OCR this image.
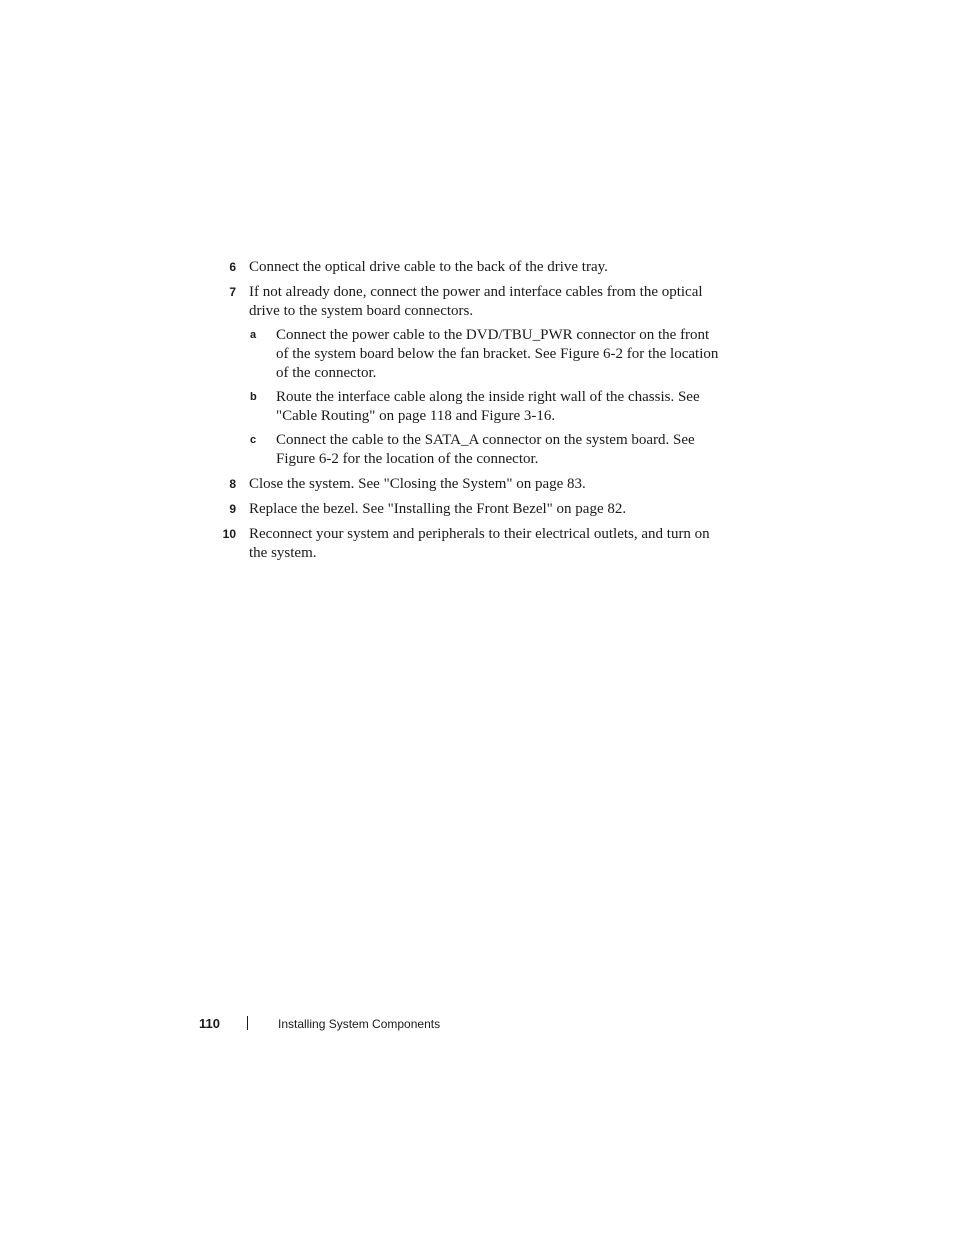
6 Connect the optical drive cable to the back of the drive tray.
7 If not already done, connect the power and interface cables from the optical drive to the system board connectors.
a Connect the power cable to the DVD/TBU_PWR connector on the front of the system board below the fan bracket. See Figure 6-2 for the location of the connector.
b Route the interface cable along the inside right wall of the chassis. See "Cable Routing" on page 118 and Figure 3-16.
c Connect the cable to the SATA_A connector on the system board. See Figure 6-2 for the location of the connector.
8 Close the system. See "Closing the System" on page 83.
9 Replace the bezel. See "Installing the Front Bezel" on page 82.
10 Reconnect your system and peripherals to their electrical outlets, and turn on the system.
110	Installing System Components
